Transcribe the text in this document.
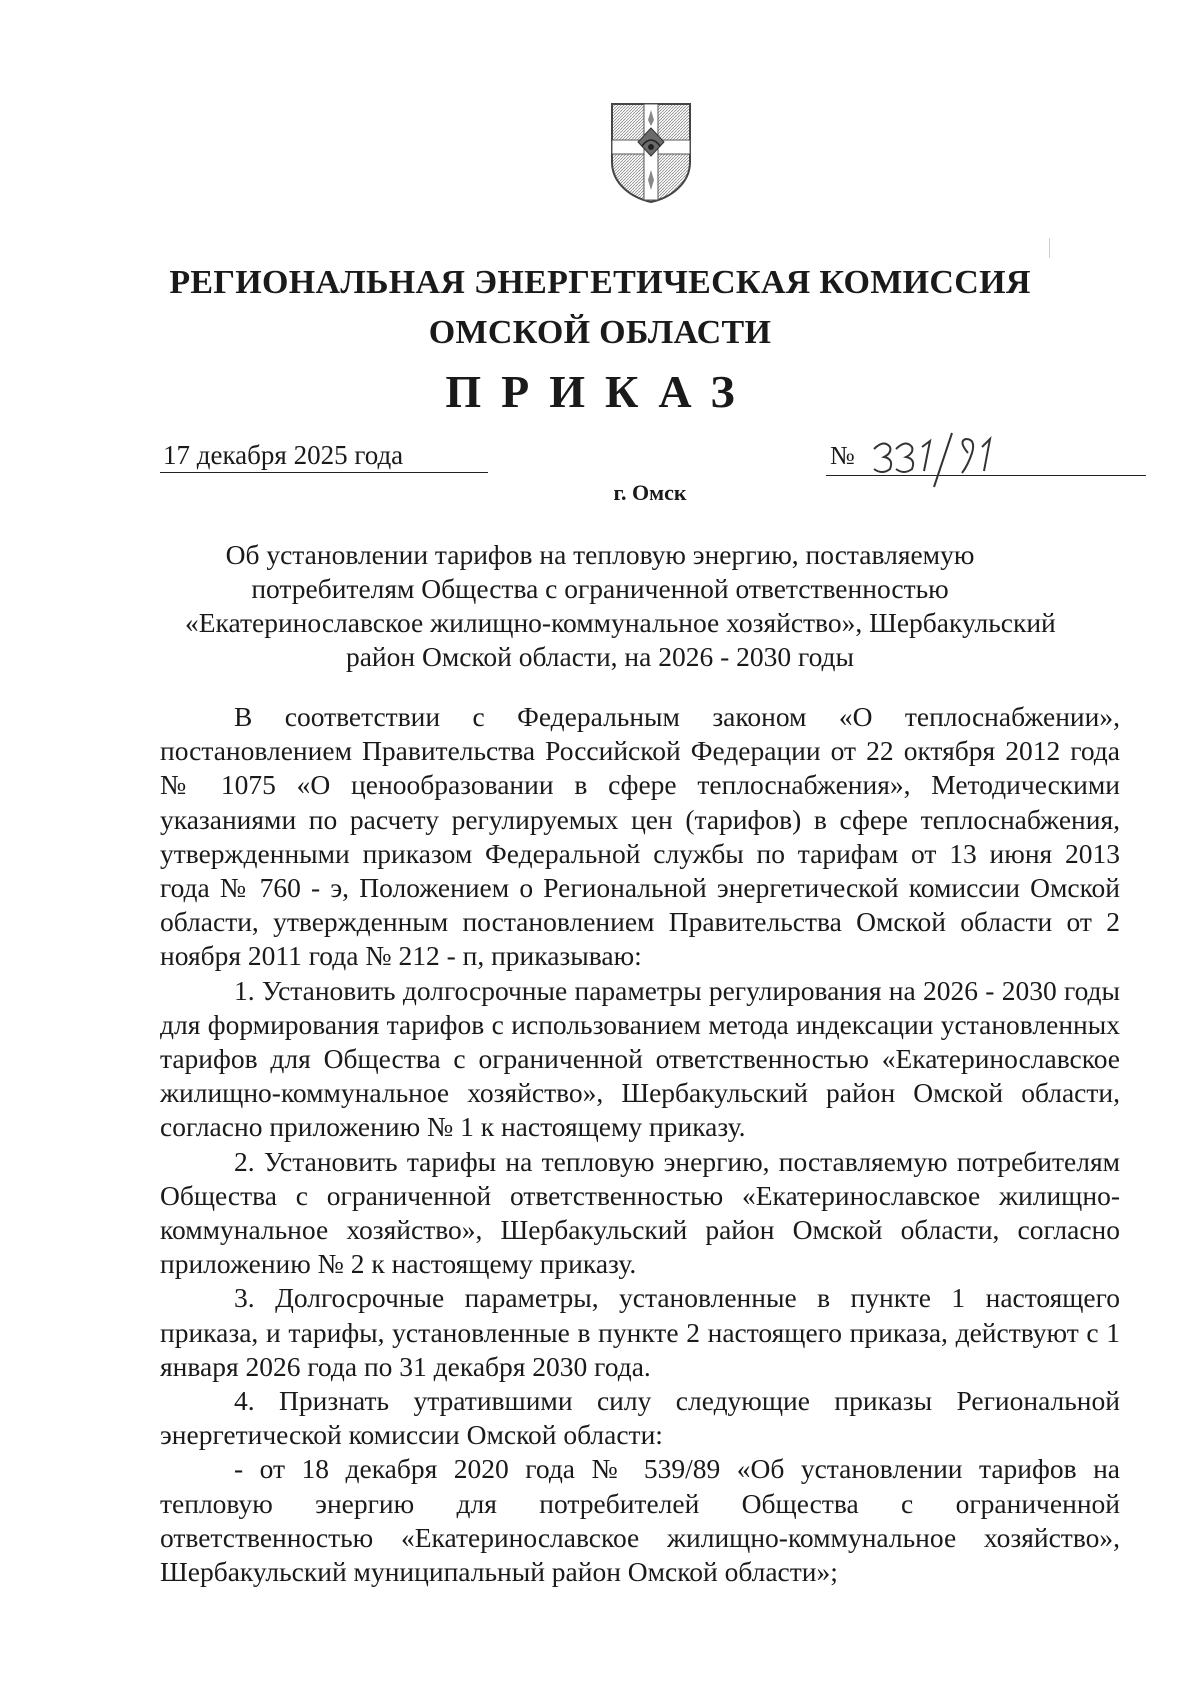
РЕГИОНАЛЬНАЯ ЭНЕРГЕТИЧЕСКАЯ КОМИССИЯ
ОМСКОЙ ОБЛАСТИ
ПРИКАЗ
17 декабря 2025 года	№
г. Омск
Об установлении тарифов на тепловую энергию, поставляемую
потребителям Общества с ограниченной ответственностью
«Екатеринославское жилищно-коммунальное хозяйство», Шербакульский
район Омской области, на 2026 - 2030 годы

В соответствии с Федеральным законом «О теплоснабжении», постановлением Правительства Российской Федерации от 22 октября 2012 года № 1075 «О ценообразовании в сфере теплоснабжения», Методическими указаниями по расчету регулируемых цен (тарифов) в сфере теплоснабжения, утвержденными приказом Федеральной службы по тарифам от 13 июня 2013 года № 760 - э, Положением о Региональной энергетической комиссии Омской области, утвержденным постановлением Правительства Омской области от 2 ноября 2011 года № 212 - п, приказываю:

1. Установить долгосрочные параметры регулирования на 2026 - 2030 годы для формирования тарифов с использованием метода индексации установленных тарифов для Общества с ограниченной ответственностью «Екатеринославское жилищно-коммунальное хозяйство», Шербакульский район Омской области, согласно приложению № 1 к настоящему приказу.

2. Установить тарифы на тепловую энергию, поставляемую потребителям Общества с ограниченной ответственностью «Екатеринославское жилищно-коммунальное хозяйство», Шербакульский район Омской области, согласно приложению № 2 к настоящему приказу.

3. Долгосрочные параметры, установленные в пункте 1 настоящего приказа, и тарифы, установленные в пункте 2 настоящего приказа, действуют с 1 января 2026 года по 31 декабря 2030 года.

4. Признать утратившими силу следующие приказы Региональной энергетической комиссии Омской области:

- от 18 декабря 2020 года № 539/89 «Об установлении тарифов на тепловую энергию для потребителей Общества с ограниченной ответственностью «Екатеринославское жилищно-коммунальное хозяйство», Шербакульский муниципальный район Омской области»;
